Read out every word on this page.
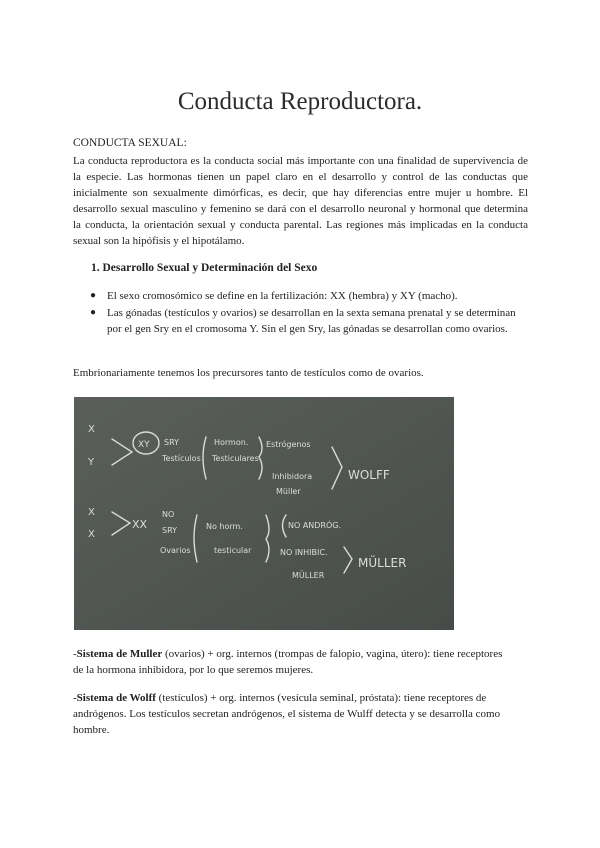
Conducta Reproductora.

CONDUCTA SEXUAL:

La conducta reproductora es la conducta social más importante con una finalidad de supervivencia de la especie. Las hormonas tienen un papel claro en el desarrollo y control de las conductas que inicialmente son sexualmente dimórficas, es decir, que hay diferencias entre mujer u hombre. El desarrollo sexual masculino y femenino se dará con el desarrollo neuronal y hormonal que determina la conducta, la orientación sexual y conducta parental. Las regiones más implicadas en la conducta sexual son la hipófisis y el hipotálamo.

1. Desarrollo Sexual y Determinación del Sexo

● El sexo cromosómico se define en la fertilización: XX (hembra) y XY (macho).
● Las gónadas (testículos y ovarios) se desarrollan en la sexta semana prenatal y se determinan por el gen Sry en el cromosoma Y. Sin el gen Sry, las gónadas se desarrollan como ovarios.

Embrionariamente tenemos los precursores tanto de testículos como de ovarios.

X
Y
XY SRY
Testículos
Hormon.
Testiculares
Estrógenos
Inhibidora
Müller
WOLFF
X
X
XX
NO
SRY
Ovarios
No horm.
testicular
NO ANDRÓG.
NO INHIBIC.
MÜLLER
MÜLLER

-Sistema de Muller (ovarios) + org. internos (trompas de falopio, vagina, útero): tiene receptores de la hormona inhibidora, por lo que seremos mujeres.

-Sistema de Wolff (testículos) + org. internos (vesícula seminal, próstata): tiene receptores de andrógenos. Los testículos secretan andrógenos, el sistema de Wulff detecta y se desarrolla como hombre.
